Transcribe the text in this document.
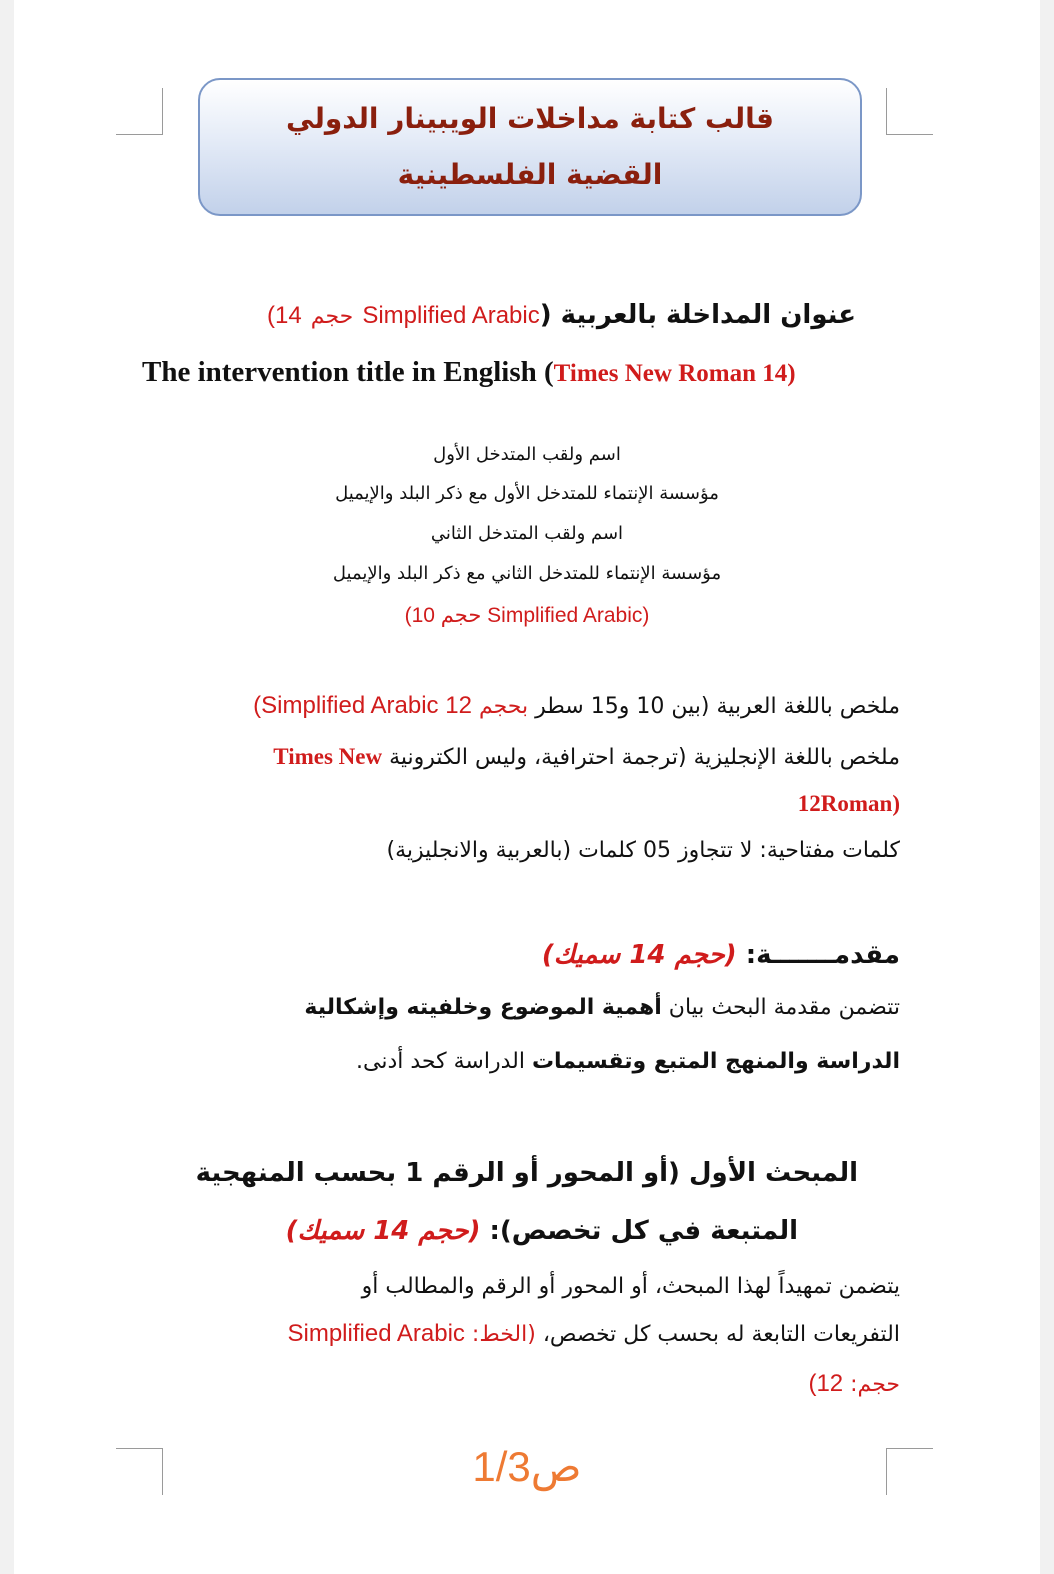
قالب كتابة مداخلات الويبينار الدولي
القضية الفلسطينية
عنوان المداخلة بالعربية (Simplified Arabic حجم 14)
The intervention title in English (Times New Roman 14)
اسم ولقب المتدخل الأول
مؤسسة الإنتماء للمتدخل الأول مع ذكر البلد والإيميل
اسم ولقب المتدخل الثاني
مؤسسة الإنتماء للمتدخل الثاني مع ذكر البلد والإيميل
(Simplified Arabic حجم 10)
ملخص باللغة العربية (بين 10 و15 سطر بحجم 12 Simplified Arabic)
ملخص باللغة الإنجليزية (ترجمة احترافية، وليس الكترونية Times New
(12Roman
كلمات مفتاحية: لا تتجاوز 05 كلمات (بالعربية والانجليزية)
مقدمـــــــة: (حجم 14 سميك)
تتضمن مقدمة البحث بيان أهمية الموضوع وخلفيته وإشكالية
الدراسة والمنهج المتبع وتقسيمات الدراسة كحد أدنى.
المبحث الأول (أو المحور أو الرقم 1 بحسب المنهجية
المتبعة في كل تخصص): (حجم 14 سميك)
يتضمن تمهيداً لهذا المبحث، أو المحور أو الرقم والمطالب أو
التفريعات التابعة له بحسب كل تخصص، (الخط: Simplified Arabic
حجم: 12)
ص1/3
